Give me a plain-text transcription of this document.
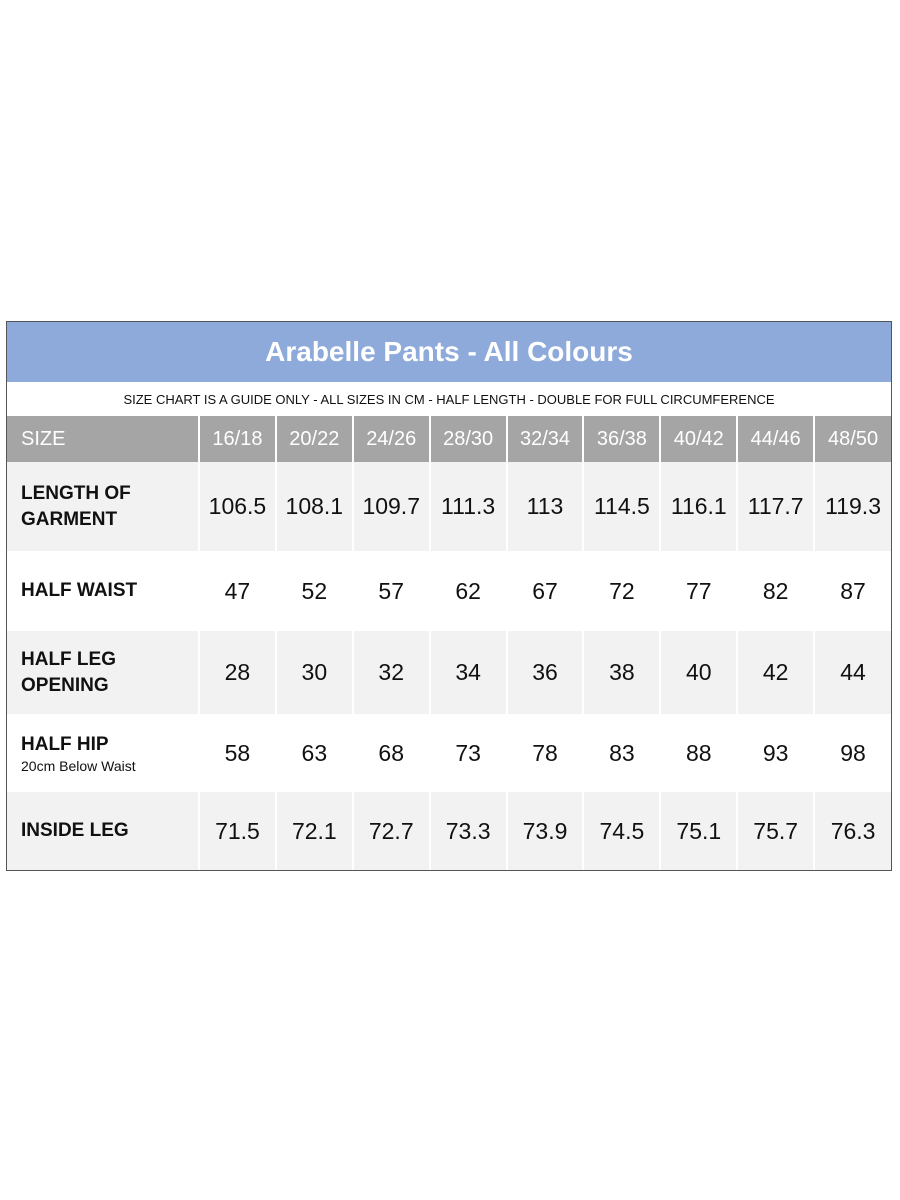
Arabelle Pants - All Colours
SIZE CHART IS A GUIDE ONLY - ALL SIZES IN CM - HALF LENGTH - DOUBLE FOR FULL CIRCUMFERENCE
SIZE	16/18	20/22	24/26	28/30	32/34	36/38	40/42	44/46	48/50
LENGTH OF
GARMENT	106.5	108.1	109.7	111.3	113	114.5	116.1	117.7	119.3
HALF WAIST	47	52	57	62	67	72	77	82	87
HALF LEG
OPENING	28	30	32	34	36	38	40	42	44
HALF HIP
20cm Below Waist	58	63	68	73	78	83	88	93	98
INSIDE LEG	71.5	72.1	72.7	73.3	73.9	74.5	75.1	75.7	76.3
